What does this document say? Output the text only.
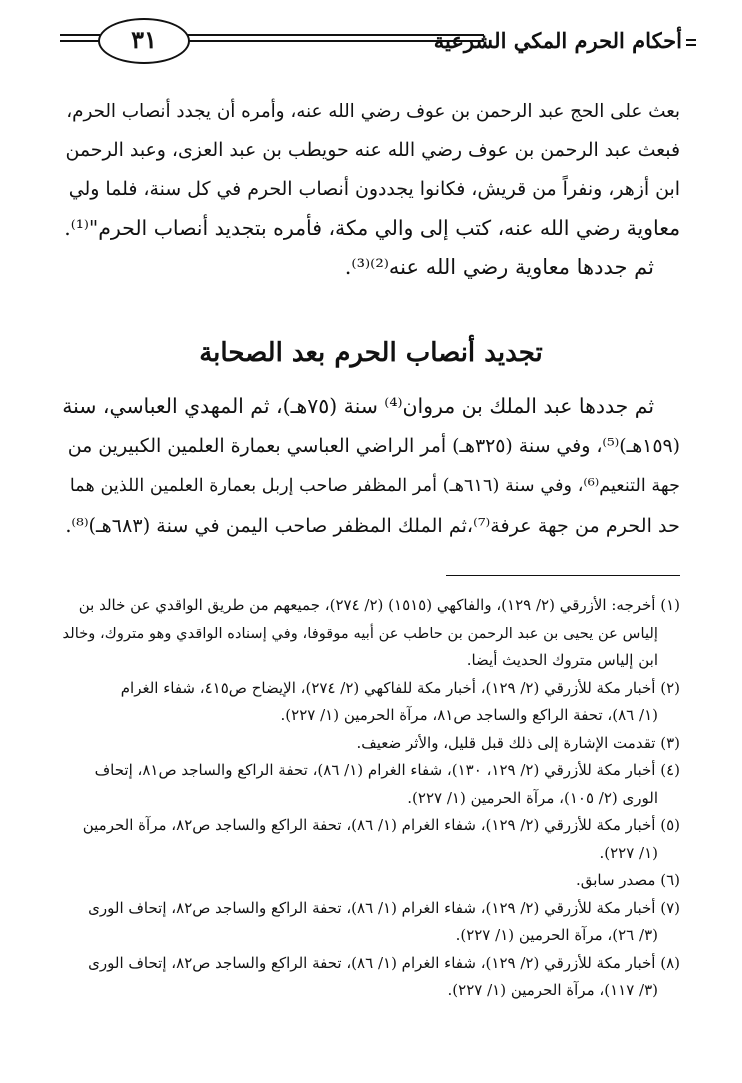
أحكام الحرم المكي الشرعية
٣١
بعث على الحج عبد الرحمن بن عوف رضي الله عنه، وأمره أن يجدد أنصاب الحرم،
فبعث عبد الرحمن بن عوف رضي الله عنه حويطب بن عبد العزى، وعبد الرحمن
ابن أزهر، ونفراً من قريش، فكانوا يجددون أنصاب الحرم في كل سنة، فلما ولي
معاوية رضي الله عنه، كتب إلى والي مكة، فأمره بتجديد أنصاب الحرم"⁽¹⁾.
ثم جددها معاوية رضي الله عنه⁽²⁾⁽³⁾.
تجديد أنصاب الحرم بعد الصحابة
ثم جددها عبد الملك بن مروان⁽⁴⁾ سنة (٧٥هـ)، ثم المهدي العباسي، سنة
(١٥٩هـ)⁽⁵⁾، وفي سنة (٣٢٥هـ) أمر الراضي العباسي بعمارة العلمين الكبيرين من
جهة التنعيم⁽⁶⁾، وفي سنة (٦١٦هـ) أمر المظفر صاحب إربل بعمارة العلمين اللذين هما
حد الحرم من جهة عرفة⁽⁷⁾،ثم الملك المظفر صاحب اليمن في سنة (٦٨٣هـ)⁽⁸⁾.
(١) أخرجه: الأزرقي (٢/ ١٢٩)، والفاكهي (١٥١٥) (٢/ ٢٧٤)، جميعهم من طريق الواقدي عن خالد بن
إلياس عن يحيى بن عبد الرحمن بن حاطب عن أبيه موقوفا، وفي إسناده الواقدي وهو متروك، وخالد
ابن إلياس متروك الحديث أيضا.
(٢) أخبار مكة للأزرقي (٢/ ١٢٩)، أخبار مكة للفاكهي (٢/ ٢٧٤)، الإيضاح ص٤١٥، شفاء الغرام
(١/ ٨٦)، تحفة الراكع والساجد ص٨١، مرآة الحرمين (١/ ٢٢٧).
(٣) تقدمت الإشارة إلى ذلك قبل قليل، والأثر ضعيف.
(٤) أخبار مكة للأزرقي (٢/ ١٢٩، ١٣٠)، شفاء الغرام (١/ ٨٦)، تحفة الراكع والساجد ص٨١، إتحاف
الورى (٢/ ١٠٥)، مرآة الحرمين (١/ ٢٢٧).
(٥) أخبار مكة للأزرقي (٢/ ١٢٩)، شفاء الغرام (١/ ٨٦)، تحفة الراكع والساجد ص٨٢، مرآة الحرمين
(١/ ٢٢٧).
(٦) مصدر سابق.
(٧) أخبار مكة للأزرقي (٢/ ١٢٩)، شفاء الغرام (١/ ٨٦)، تحفة الراكع والساجد ص٨٢، إتحاف الورى
(٣/ ٢٦)، مرآة الحرمين (١/ ٢٢٧).
(٨) أخبار مكة للأزرقي (٢/ ١٢٩)، شفاء الغرام (١/ ٨٦)، تحفة الراكع والساجد ص٨٢، إتحاف الورى
(٣/ ١١٧)، مرآة الحرمين (١/ ٢٢٧).
